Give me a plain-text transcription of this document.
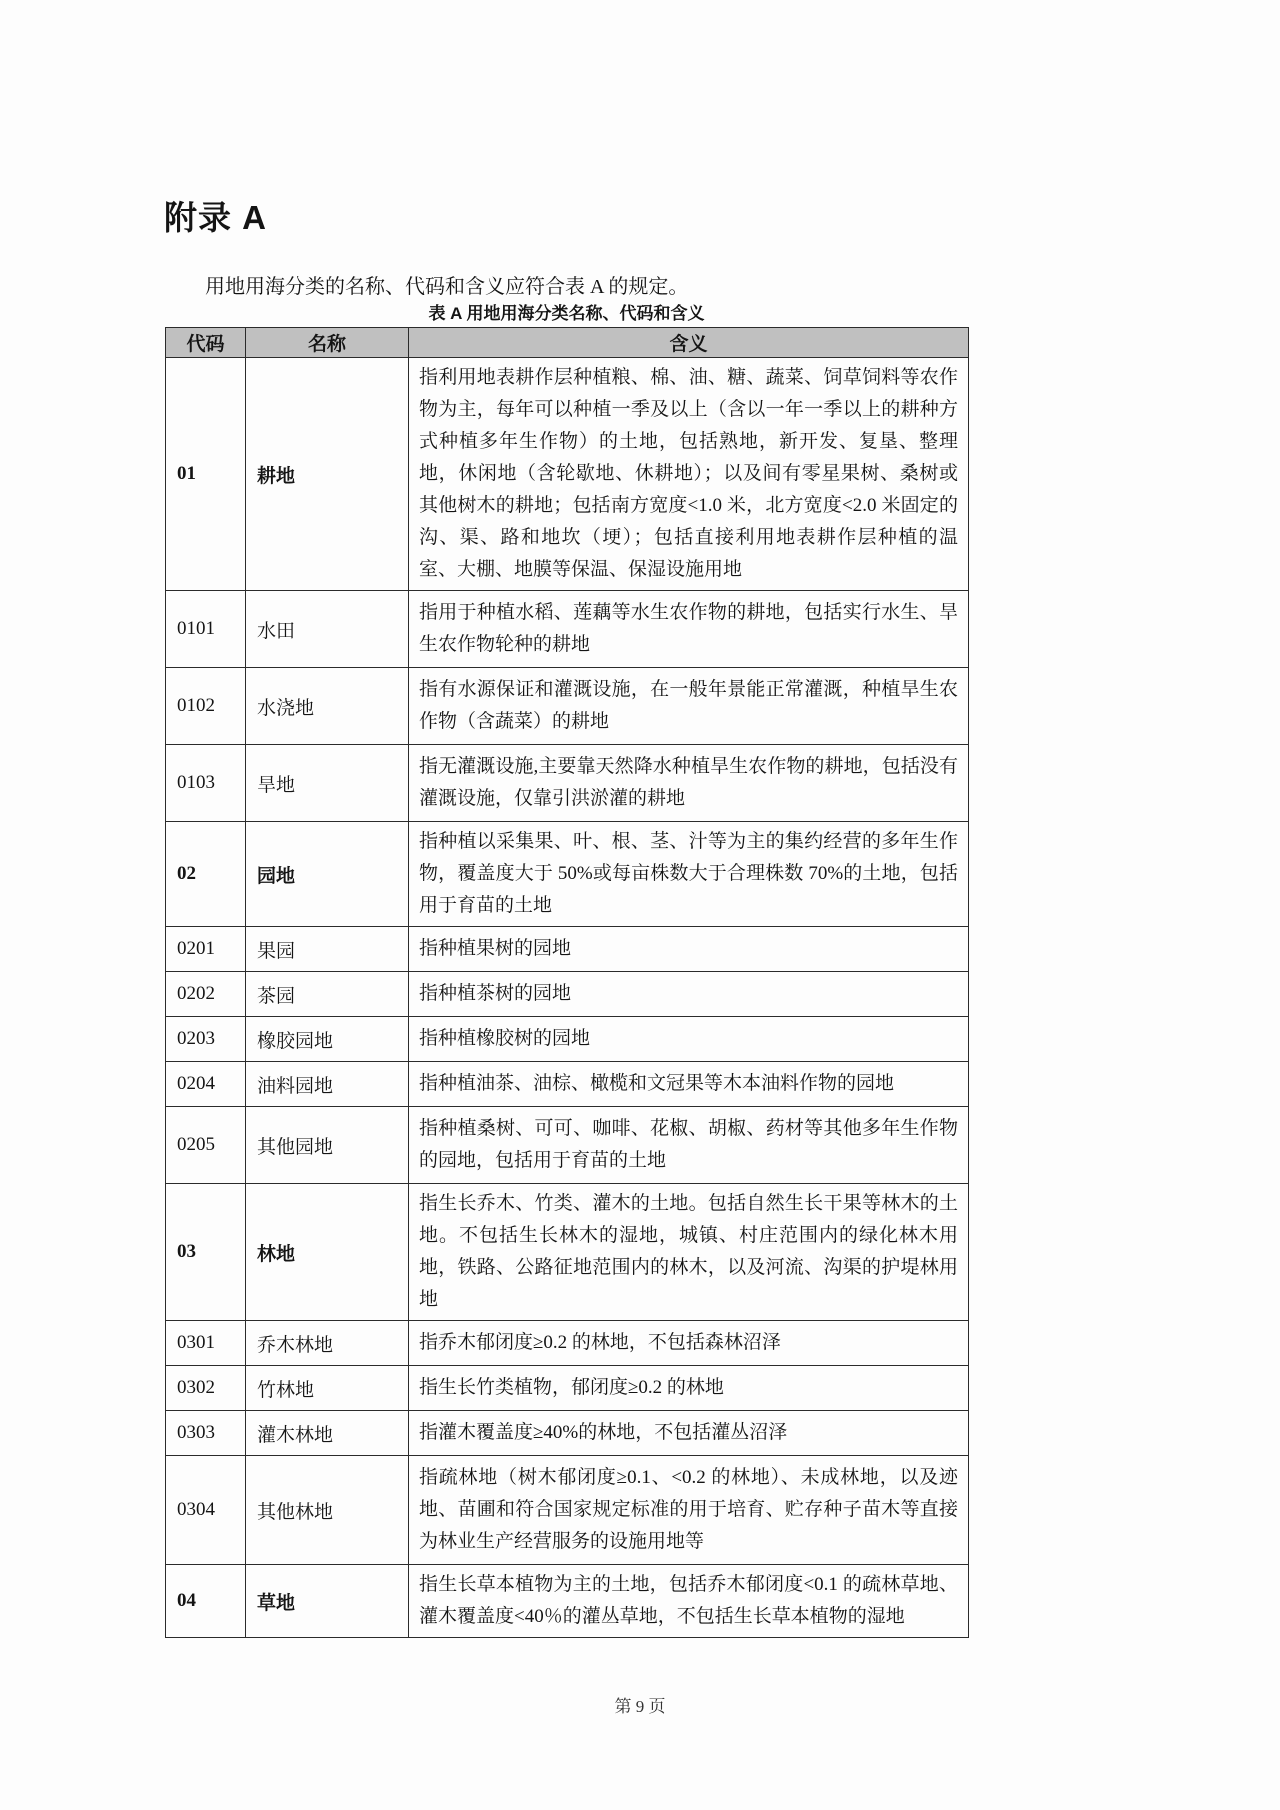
附录 A

用地用海分类的名称、代码和含义应符合表 A 的规定。

表 A 用地用海分类名称、代码和含义
代码	名称	含义
01	耕地	指利用地表耕作层种植粮、棉、油、糖、蔬菜、饲草饲料等农作物为主，每年可以种植一季及以上（含以一年一季以上的耕种方式种植多年生作物）的土地，包括熟地，新开发、复垦、整理地，休闲地（含轮歇地、休耕地）；以及间有零星果树、桑树或其他树木的耕地；包括南方宽度<1.0 米，北方宽度<2.0 米固定的沟、渠、路和地坎（埂）；包括直接利用地表耕作层种植的温室、大棚、地膜等保温、保湿设施用地
0101	水田	指用于种植水稻、莲藕等水生农作物的耕地，包括实行水生、旱生农作物轮种的耕地
0102	水浇地	指有水源保证和灌溉设施，在一般年景能正常灌溉，种植旱生农作物（含蔬菜）的耕地
0103	旱地	指无灌溉设施,主要靠天然降水种植旱生农作物的耕地，包括没有灌溉设施，仅靠引洪淤灌的耕地
02	园地	指种植以采集果、叶、根、茎、汁等为主的集约经营的多年生作物，覆盖度大于 50%或每亩株数大于合理株数 70%的土地，包括用于育苗的土地
0201	果园	指种植果树的园地
0202	茶园	指种植茶树的园地
0203	橡胶园地	指种植橡胶树的园地
0204	油料园地	指种植油茶、油棕、橄榄和文冠果等木本油料作物的园地
0205	其他园地	指种植桑树、可可、咖啡、花椒、胡椒、药材等其他多年生作物的园地，包括用于育苗的土地
03	林地	指生长乔木、竹类、灌木的土地。包括自然生长干果等林木的土地。不包括生长林木的湿地，城镇、村庄范围内的绿化林木用地，铁路、公路征地范围内的林木，以及河流、沟渠的护堤林用地
0301	乔木林地	指乔木郁闭度≥0.2 的林地，不包括森林沼泽
0302	竹林地	指生长竹类植物，郁闭度≥0.2 的林地
0303	灌木林地	指灌木覆盖度≥40%的林地，不包括灌丛沼泽
0304	其他林地	指疏林地（树木郁闭度≥0.1、<0.2 的林地）、未成林地，以及迹地、苗圃和符合国家规定标准的用于培育、贮存种子苗木等直接为林业生产经营服务的设施用地等
04	草地	指生长草本植物为主的土地，包括乔木郁闭度<0.1 的疏林草地、灌木覆盖度<40％的灌丛草地，不包括生长草本植物的湿地
第 9 页
